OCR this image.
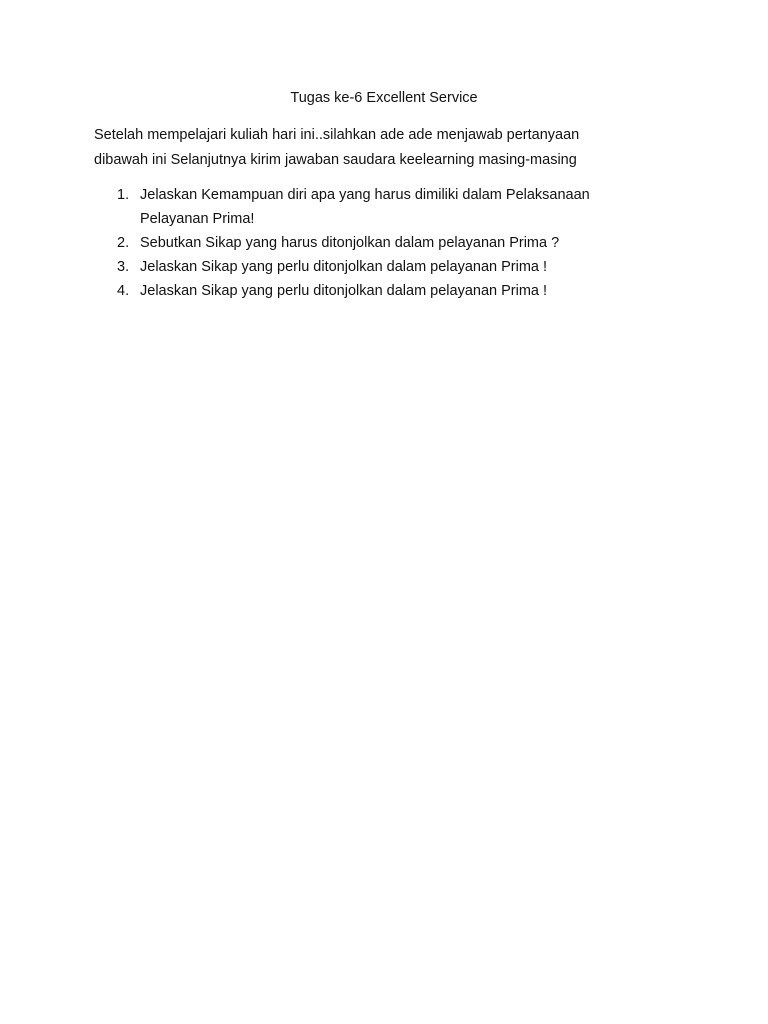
Tugas ke-6 Excellent Service
Setelah mempelajari kuliah hari ini..silahkan ade ade menjawab pertanyaan
dibawah ini Selanjutnya kirim jawaban saudara keelearning masing-masing
1. Jelaskan Kemampuan diri apa yang harus dimiliki dalam Pelaksanaan
Pelayanan Prima!
2. Sebutkan Sikap yang harus ditonjolkan dalam pelayanan Prima ?
3. Jelaskan Sikap yang perlu ditonjolkan dalam pelayanan Prima !
4. Jelaskan Sikap yang perlu ditonjolkan dalam pelayanan Prima !
